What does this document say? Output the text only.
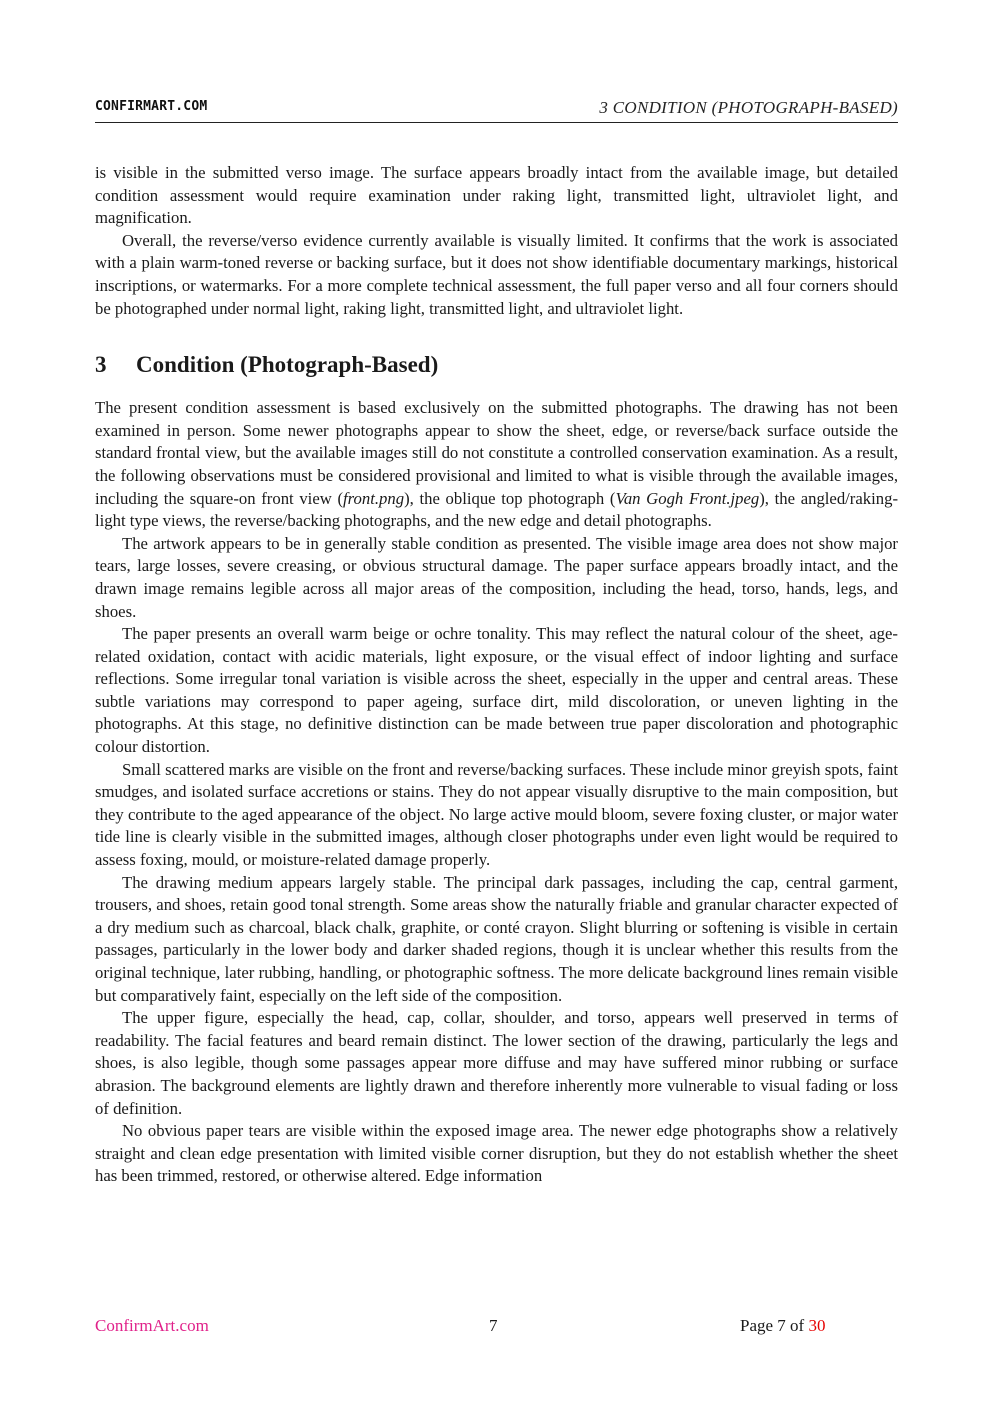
CONFIRMART.COM	3 CONDITION (PHOTOGRAPH-BASED)

is visible in the submitted verso image. The surface appears broadly intact from the available image, but detailed condition assessment would require examination under raking light, transmitted light, ultraviolet light, and magnification.

Overall, the reverse/verso evidence currently available is visually limited. It confirms that the work is associated with a plain warm-toned reverse or backing surface, but it does not show identifiable documentary markings, historical inscriptions, or watermarks. For a more complete technical assessment, the full paper verso and all four corners should be photographed under normal light, raking light, transmitted light, and ultraviolet light.

3 Condition (Photograph-Based)

The present condition assessment is based exclusively on the submitted photographs. The drawing has not been examined in person. Some newer photographs appear to show the sheet, edge, or reverse/back surface outside the standard frontal view, but the available images still do not constitute a controlled conservation examination. As a result, the following observations must be considered provisional and limited to what is visible through the available images, including the square-on front view (front.png), the oblique top photograph (Van Gogh Front.jpeg), the angled/raking-light type views, the reverse/backing photographs, and the new edge and detail photographs.

The artwork appears to be in generally stable condition as presented. The visible image area does not show major tears, large losses, severe creasing, or obvious structural damage. The paper surface appears broadly intact, and the drawn image remains legible across all major areas of the composition, including the head, torso, hands, legs, and shoes.

The paper presents an overall warm beige or ochre tonality. This may reflect the natural colour of the sheet, age-related oxidation, contact with acidic materials, light exposure, or the visual effect of indoor lighting and surface reflections. Some irregular tonal variation is visible across the sheet, especially in the upper and central areas. These subtle variations may correspond to paper ageing, surface dirt, mild discoloration, or uneven lighting in the photographs. At this stage, no definitive distinction can be made between true paper discoloration and photographic colour distortion.

Small scattered marks are visible on the front and reverse/backing surfaces. These include minor greyish spots, faint smudges, and isolated surface accretions or stains. They do not appear visually disruptive to the main composition, but they contribute to the aged appearance of the object. No large active mould bloom, severe foxing cluster, or major water tide line is clearly visible in the submitted images, although closer photographs under even light would be required to assess foxing, mould, or moisture-related damage properly.

The drawing medium appears largely stable. The principal dark passages, including the cap, central garment, trousers, and shoes, retain good tonal strength. Some areas show the naturally friable and granular character expected of a dry medium such as charcoal, black chalk, graphite, or conté crayon. Slight blurring or softening is visible in certain passages, particularly in the lower body and darker shaded regions, though it is unclear whether this results from the original technique, later rubbing, handling, or photographic softness. The more delicate background lines remain visible but comparatively faint, especially on the left side of the composition.

The upper figure, especially the head, cap, collar, shoulder, and torso, appears well preserved in terms of readability. The facial features and beard remain distinct. The lower section of the drawing, particularly the legs and shoes, is also legible, though some passages appear more diffuse and may have suffered minor rubbing or surface abrasion. The background elements are lightly drawn and therefore inherently more vulnerable to visual fading or loss of definition.

No obvious paper tears are visible within the exposed image area. The newer edge photographs show a relatively straight and clean edge presentation with limited visible corner disruption, but they do not establish whether the sheet has been trimmed, restored, or otherwise altered. Edge information

ConfirmArt.com	7	Page 7 of 30
